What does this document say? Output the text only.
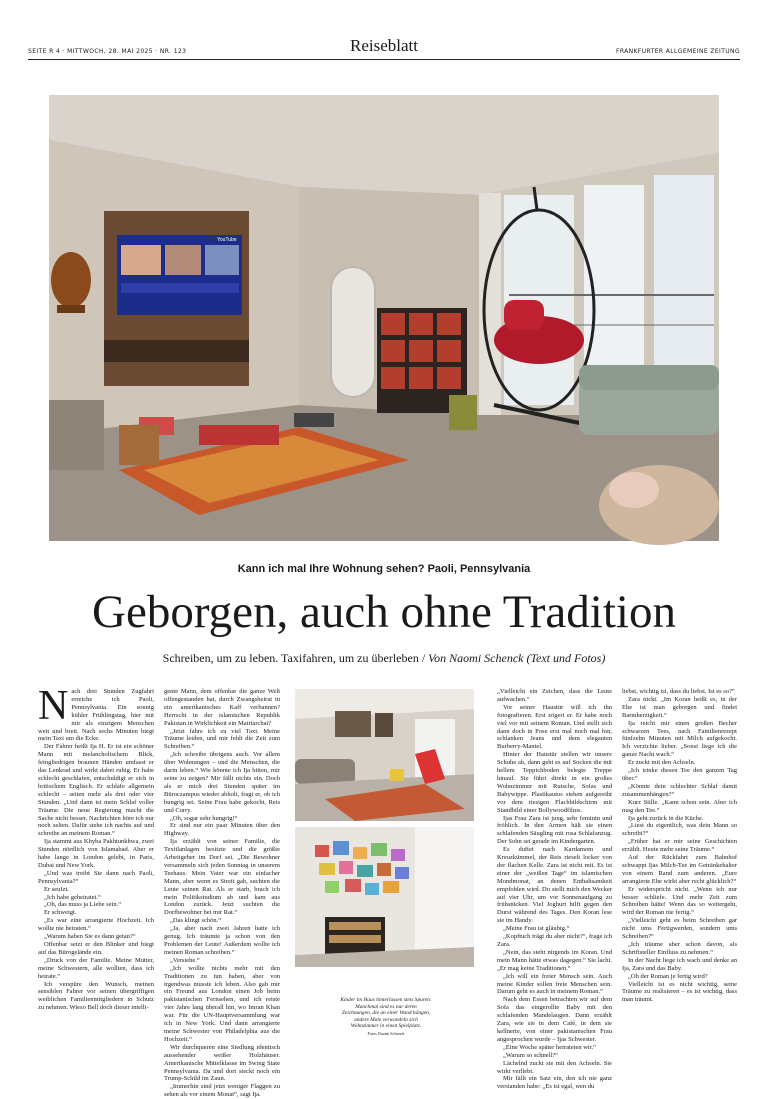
SEITE R 4 · MITTWOCH, 28. MAI 2025 · NR. 123	Reiseblatt	FRANKFURTER ALLGEMEINE ZEITUNG
YouTube
Kann ich mal Ihre Wohnung sehen? Paoli, Pennsylvania
Geborgen, auch ohne Tradition
Schreiben, um zu leben. Taxifahren, um zu überleben / Von Naomi Schenck (Text und Fotos)
N ach drei Stunden Zugfahrt erreiche ich Paoli, Pennsylvania. Ein sonnig kühler Frühlingstag, hier mit mir als einzigem Menschen weit und breit. Nach sechs Minuten biegt mein Taxi um die Ecke.

Der Fahrer heißt Ija H. Er ist ein schöner Mann mit melancholischem Blick, feingliedrigen braunen Händen umfasst er das Lenkrad und wirkt dabei ruhig. Er habe schlecht geschlafen, entschuldigt er sich in britischem Englisch. Er schlafe allgemein schlecht – seiten mehr als drei oder vier Stunden. „Und dann ist mein Schlaf voller Träume. Die neue Regierung macht die Sache nicht besser. Nachrichten höre ich nur noch selten. Dafür stehe ich nachts auf und schreibe an meinem Roman.“

Ija stammt aus Khyba Pakhtunkhwa, zwei Stunden nördlich von Islamabad. Aber er habe lange in London gelebt, in Paris, Dubai und New York.

„Und was treibt Sie dann nach Paoli, Pennsylvania?“

Er seufzt.

„Ich habe geheiratet.“

„Oh, das muss ja Liebe sein.“

Er schweigt.

„Es war eine arrangierte Hochzeit. Ich wollte nie heiraten.“

„Warum haben Sie es dann getan?“

Offenbar setzt er den Blinker und biegt auf das Bürogelände ein.

„Druck von der Familie. Meine Mutter, meine Schwestern, alle wollten, dass ich heirate.“

Ich verspüre den Wunsch, meinen sensiblen Fahrer vor seinen übergriffigen weiblichen Familienmitgliedern in Schutz zu nehmen. Wieso Bell doch dieser intelli-

gente Mann, dem offenbar die ganze Welt offengestanden hat, durch Zwangsheirat in ein amerikanisches Kaff verbannen? Herrscht in der islamischen Republik Pakistan in Wirklichkeit ein Matriarchat?

„Jetzt fahre ich zu viel Taxi. Meine Träume leiden, und mir fehlt die Zeit zum Schreiben.“

„Ich schreibe übrigens auch. Vor allem über Wohnungen – und die Menschen, die darin leben.“ Wie könnte ich Ija bitten, mir seine zu zeigen? Mir fällt nichts ein. Doch als er mich drei Stunden später im Büroczampus wieder abholt, fragt er, ob ich hungrig sei. Seine Frau habe gekocht, Reis und Curry.

„Oh, sogar sehr hungrig!“

Er sind nur ein paar Minuten über den Highway.

Ija erzählt von seiner Familie, die Textilanlagen besitzte und die größte Arbeitgeber im Dorf sei. „Die Bewohner versammeln sich jeden Sonntag in unserem Teehaus. Mein Vater war ein einfacher Mann, aber wenn es Streit gab, suchten die Leute seinen Rat. Als er starb, brach ich mein Politikstudium ab und kam aus London zurück. Jetzt suchten die Dorfbewohner bei mir Rat.“

„Das klingt schön.“

„Ja, aber nach zwei Jahren hatte ich genug. Ich träumte ja schon von den Problemen der Leute! Außerdem wollte ich meinen Roman schreiben.“

„Verstehe.“

„Ich wollte nichts mehr mit den Traditionen zu tun haben, aber von irgendwas musste ich leben. Also gab mir ein Freund aus London einen Job beim pakistanischen Fernsehen, und ich reiste vier Jahre lang überall hin, wo Imran Khan war. Für die UN-Hauptversammlung war ich in New York. Und dann arrangierte meine Schwester von Philadelphia aus die Hochzeit.“

Wir durchqueren eine Siedlung identisch aussehender weißer Holzhäuser. Amerikanische Mittelklasse im Swing State Pennsylvania. Da und dort steckt noch ein Trump-Schild im Zaun.

„Immerhin sind jetzt weniger Flaggen zu sehen als vor einem Monat“, sagt Ija.

„Vielleicht ein Zeichen, dass die Leute aufwachen.“

Vor seiner Haustür will ich ihn fotografieren. Erst zögert er. Er habe noch viel vor mit seinem Roman. Und stellt sich dann doch in Pose erst mal noch mal hin, schlanken Jeans und dem eleganten Burberry-Mantel.

Hinter der Haustür stellen wir unsere Schuhe ab, dann geht es auf Socken die mit hellem Teppichboden belegte Treppe hinauf. Sie führt direkt in ein großes Wohnzimmer mit Rutsche, Sofas und Babywippe. Plastikautos stehen aufgereiht vor dem riesigen Flachbildschirm mit Standbild einer Bollywoodfilms.

Ijas Frau Zara ist jung, sehr feminin und fröhlich. In den Armen hält sie einen schlafenden Säugling mit rosa Schlafanzug. Der Sohn sei gerade im Kindergarten.

Es duftet nach Kardamom und Kreuzkümmel, der Reis rieselt locker von der flachen Kelle. Zara ist nicht mit. Es ist einer der „weißen Tage“ im islamischen Mondmonat, an denen Enthaltsamkeit empfohlen wird. Du stellt mich den Wecker auf vier Uhr, um vor Sonnenaufgang zu frühstücken. Viel Joghurt hilft gegen den Durst während des Tages. Den Koran lese sie im Handy.

„Meine Frau ist gläubig.“

„Kopftuch trägt du aber nicht?“, frage ich Zara.

„Nein, das steht nirgends im Koran. Und mein Mann hätte etwas dagegen.“ Sie lacht. „Er mag keine Traditionen.“

„Ich will ein freier Mensch sein. Auch meine Kinder sollen freie Menschen sein. Darum geht es auch in meinem Roman.“

Nach dem Essen betrachten wir auf dem Sofa das eingerollte Baby mit den schlafenden Mandelaugen. Dann erzählt Zara, wie sie in dem Café, in dem sie kellnerte, von einer pakistanischen Frau angesprochen wurde – Ijas Schwester.

„Eine Woche später heirateten wir.“

„Warum so schnell?“

Lächelnd zuckt sie mit den Achseln. Sie wirkt verliebt.

Mir fällt ein Satz ein, den ich nie ganz verstanden habe: „Es ist egal, wen du

liebst, wichtig ist, dass du liebst. Ist es so?“

Zara nickt. „Im Koran heißt es, in der Ehe ist man geborgen und findet Barmherzigkeit.“

Ija reicht mir einen großen Becher schwarzen Tees, nach Familienrezept fünfzehn Minuten mit Milch aufgekocht. Ich verzichte lieber. „Sonst liege ich die ganze Nacht wach.“

Er zuckt mit den Achseln.

„Ich trinke diesen Tee den ganzen Tag über.“

„Könnte dein schlechter Schlaf damit zusammenhängen?“

Kurz Stille. „Kann schon sein. Aber ich mag den Tee.“

Ija geht zurück in die Küche.

„Liest du eigentlich, was dein Mann so schreibt?“

„Früher hat er mir seine Geschichten erzählt. Heute mehr seine Träume.“

Auf der Rückfahrt zum Bahnhof schwappt Ijas Milch-Tee im Getränkehalter von einem Rand zum anderen. „Eure arrangierte Ehe wirkt aber recht glücklich?“

Er widerspricht nicht. „Wenn ich nur besser schliefe. Und mehr Zeit zum Schreiben hätte! Wenn das so weitergeht, wird der Roman nie fertig.“

„Vielleicht geht es beim Schreiben gar nicht ums Fertigwerden, sondern ums Schreiben?“

„Ich träume aber schon davon, als Schriftsteller Einfluss zu nehmen.“

In der Nacht liege ich wach und denke an Ija, Zara und das Baby.

„Oh der Roman je fertig wird?

Vielleicht ist es nicht wichtig, seine Träume zu realisieren – es ist wichtig, dass man träumt.

Kinder im Haus hinterlassen stets Spuren: Manchmal sind es nur deren Zeichnungen, die an einer Wand hängen, andere Male verwandeln sich Wohnzimmer in einen Spielplatz.
Fotos Naomi Schenck
